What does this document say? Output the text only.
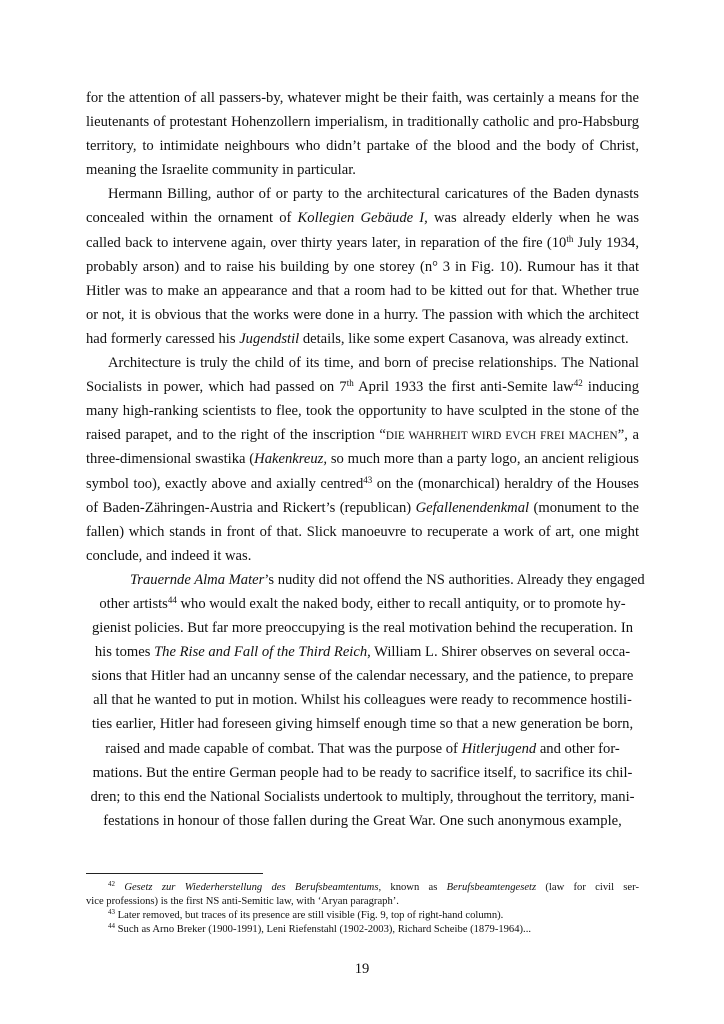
for the attention of all passers-by, whatever might be their faith, was certainly a means for the
lieutenants of protestant Hohenzollern imperialism, in traditionally catholic and pro-Habsburg
territory, to intimidate neighbours who didn’t partake of the blood and the body of Christ,
meaning the Israelite community in particular.
Hermann Billing, author of or party to the architectural caricatures of the Baden dynasts
concealed within the ornament of Kollegien Gebäude I, was already elderly when he was
called back to intervene again, over thirty years later, in reparation of the fire (10th July 1934,
probably arson) and to raise his building by one storey (n° 3 in Fig. 10). Rumour has it that
Hitler was to make an appearance and that a room had to be kitted out for that. Whether true
or not, it is obvious that the works were done in a hurry. The passion with which the architect
had formerly caressed his Jugendstil details, like some expert Casanova, was already extinct.
Architecture is truly the child of its time, and born of precise relationships. The National
Socialists in power, which had passed on 7th April 1933 the first anti-Semite law$^{42}$ inducing
many high-ranking scientists to flee, took the opportunity to have sculpted in the stone of the
raised parapet, and to the right of the inscription “DIE WAHRHEIT WIRD EVCH FREI MACHEN”, a
three-dimensional swastika (Hakenkreuz, so much more than a party logo, an ancient religious
symbol too), exactly above and axially centred$^{43}$ on the (monarchical) heraldry of the Houses
of Baden-Zähringen-Austria and Rickert’s (republican) Gefallenendenkmal (monument to the
fallen) which stands in front of that. Slick manoeuvre to recuperate a work of art, one might
conclude, and indeed it was.
Trauernde Alma Mater’s nudity did not offend the NS authorities. Already they engaged
other artists$^{44}$ who would exalt the naked body, either to recall antiquity, or to promote hy-
gienist policies. But far more preoccupying is the real motivation behind the recuperation. In
his tomes The Rise and Fall of the Third Reich, William L. Shirer observes on several occa-
sions that Hitler had an uncanny sense of the calendar necessary, and the patience, to prepare
all that he wanted to put in motion. Whilst his colleagues were ready to recommence hostili-
ties earlier, Hitler had foreseen giving himself enough time so that a new generation be born,
raised and made capable of combat. That was the purpose of Hitlerjugend and other for-
mations. But the entire German people had to be ready to sacrifice itself, to sacrifice its chil-
dren; to this end the National Socialists undertook to multiply, throughout the territory, mani-
festations in honour of those fallen during the Great War. One such anonymous example,
$^{42}$ Gesetz zur Wiederherstellung des Berufsbeamtentums, known as Berufsbeamtengesetz (law for civil ser-
vice professions) is the first NS anti-Semitic law, with ‘Aryan paragraph’.
$^{43}$ Later removed, but traces of its presence are still visible (Fig. 9, top of right-hand column).
$^{44}$ Such as Arno Breker (1900-1991), Leni Riefenstahl (1902-2003), Richard Scheibe (1879-1964)...
19
